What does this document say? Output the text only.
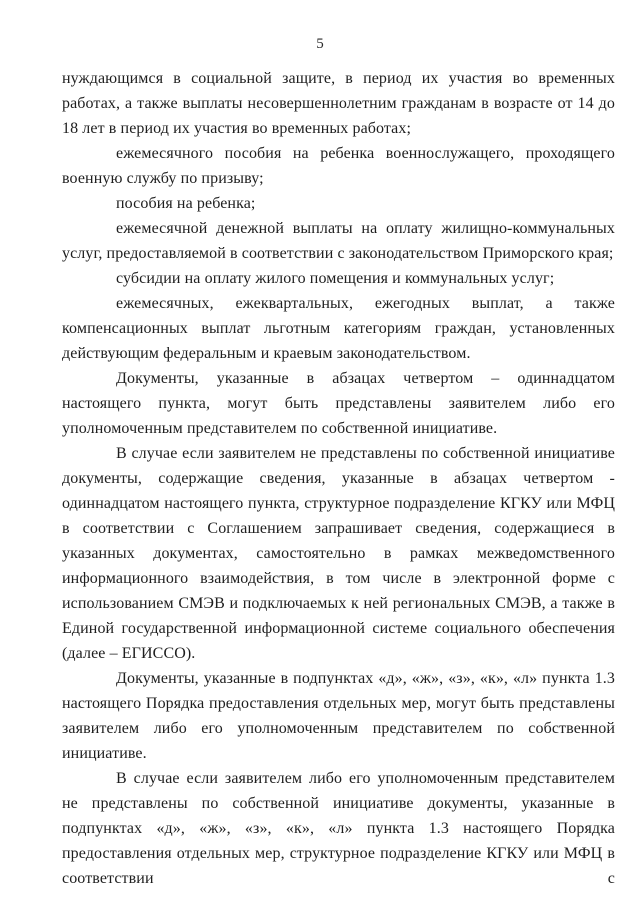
5

нуждающимся в социальной защите, в период их участия во временных работах, а также выплаты несовершеннолетним гражданам в возрасте от 14 до 18 лет в период их участия во временных работах;

ежемесячного пособия на ребенка военнослужащего, проходящего военную службу по призыву;

пособия на ребенка;

ежемесячной денежной выплаты на оплату жилищно-коммунальных услуг, предоставляемой в соответствии с законодательством Приморского края;

субсидии на оплату жилого помещения и коммунальных услуг;

ежемесячных, ежеквартальных, ежегодных выплат, а также компенсационных выплат льготным категориям граждан, установленных действующим федеральным и краевым законодательством.

Документы, указанные в абзацах четвертом – одиннадцатом настоящего пункта, могут быть представлены заявителем либо его уполномоченным представителем по собственной инициативе.

В случае если заявителем не представлены по собственной инициативе документы, содержащие сведения, указанные в абзацах четвертом - одиннадцатом настоящего пункта, структурное подразделение КГКУ или МФЦ в соответствии с Соглашением запрашивает сведения, содержащиеся в указанных документах, самостоятельно в рамках межведомственного информационного взаимодействия, в том числе в электронной форме с использованием СМЭВ и подключаемых к ней региональных СМЭВ, а также в Единой государственной информационной системе социального обеспечения (далее – ЕГИССО).

Документы, указанные в подпунктах «д», «ж», «з», «к», «л» пункта 1.3 настоящего Порядка предоставления отдельных мер, могут быть представлены заявителем либо его уполномоченным представителем по собственной инициативе.

В случае если заявителем либо его уполномоченным представителем не представлены по собственной инициативе документы, указанные в подпунктах «д», «ж», «з», «к», «л» пункта 1.3 настоящего Порядка предоставления отдельных мер, структурное подразделение КГКУ или МФЦ в соответствии с
